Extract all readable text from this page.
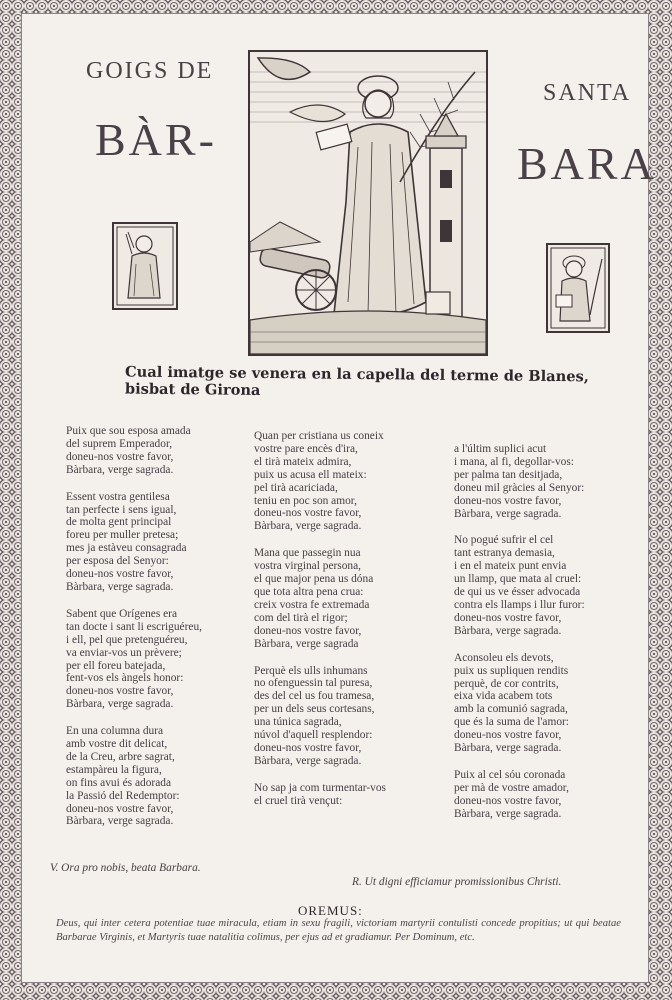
GOIGS DE
BÀR-
SANTA
BARA
Cual imatge se venera en la capella del terme de Blanes, bisbat de Girona
Puix que sou esposa amada
del suprem Emperador,
doneu-nos vostre favor,
Bàrbara, verge sagrada.
Essent vostra gentilesa
tan perfecte i sens igual,
de molta gent principal
foreu per muller pretesa;
mes ja estàveu consagrada
per esposa del Senyor:
doneu-nos vostre favor,
Bàrbara, verge sagrada.
Sabent que Orígenes era
tan docte i sant li escriguéreu,
i ell, pel que pretenguéreu,
va enviar-vos un prèvere;
per ell foreu batejada,
fent-vos els àngels honor:
doneu-nos vostre favor,
Bàrbara, verge sagrada.
En una columna dura
amb vostre dit delicat,
de la Creu, arbre sagrat,
estampàreu la figura,
on fins avui és adorada
la Passió del Redemptor:
doneu-nos vostre favor,
Bàrbara, verge sagrada.
Quan per cristiana us coneix
vostre pare encès d'ira,
el tirà mateix admira,
puix us acusa ell mateix:
pel tirà acariciada,
teniu en poc son amor,
doneu-nos vostre favor,
Bàrbara, verge sagrada.
Mana que passegin nua
vostra virginal persona,
el que major pena us dóna
que tota altra pena crua:
creix vostra fe extremada
com del tirà el rigor;
doneu-nos vostre favor,
Bàrbara, verge sagrada
Perquè els ulls inhumans
no ofenguessin tal puresa,
des del cel us fou tramesa,
per un dels seus cortesans,
una túnica sagrada,
núvol d'aquell resplendor:
doneu-nos vostre favor,
Bàrbara, verge sagrada.
No sap ja com turmentar-vos
el cruel tirà vençut:
a l'últim suplici acut
i mana, al fi, degollar-vos:
per palma tan desitjada,
doneu mil gràcies al Senyor:
doneu-nos vostre favor,
Bàrbara, verge sagrada.
No pogué sufrir el cel
tant estranya demasia,
i en el mateix punt envia
un llamp, que mata al cruel:
de qui us ve ésser advocada
contra els llamps i llur furor:
doneu-nos vostre favor,
Bàrbara, verge sagrada.
Aconsoleu els devots,
puix us supliquen rendits
perquè, de cor contrits,
eixa vida acabem tots
amb la comunió sagrada,
que és la suma de l'amor:
doneu-nos vostre favor,
Bàrbara, verge sagrada.
Puix al cel sóu coronada
per mà de vostre amador,
doneu-nos vostre favor,
Bàrbara, verge sagrada.
V. Ora pro nobis, beata Barbara.
R. Ut digni efficiamur promissionibus Christi.
OREMUS:
Deus, qui inter cetera potentiae tuae miracula, etiam in sexu fragili, victoriam martyrii contulisti concede propitius; ut qui beatae Barbarae Virginis, et Martyris tuae natalitia colimus, per ejus ad et gradiamur. Per Dominum, etc.
